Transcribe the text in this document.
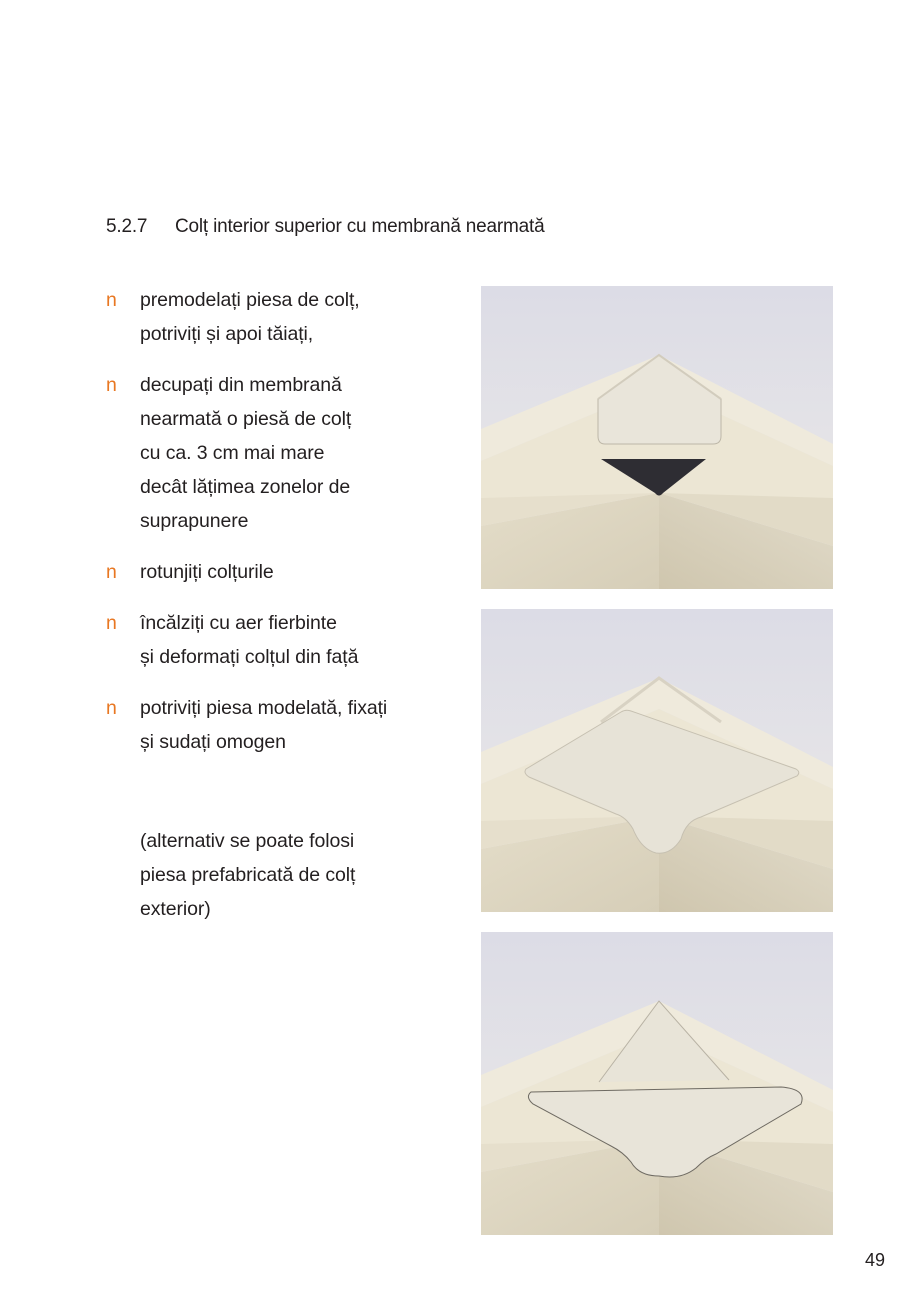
5.2.7 Colț interior superior cu membrană nearmată
n premodelați piesa de colț,
potriviți și apoi tăiați,
n decupați din membrană
nearmată o piesă de colț
cu ca. 3 cm mai mare
decât lățimea zonelor de
suprapunere
n rotunjiți colțurile
n încălziți cu aer fierbinte
și deformați colțul din față
n potriviți piesa modelată, fixați
și sudați omogen
(alternativ se poate folosi
piesa prefabricată de colț
exterior)
49
